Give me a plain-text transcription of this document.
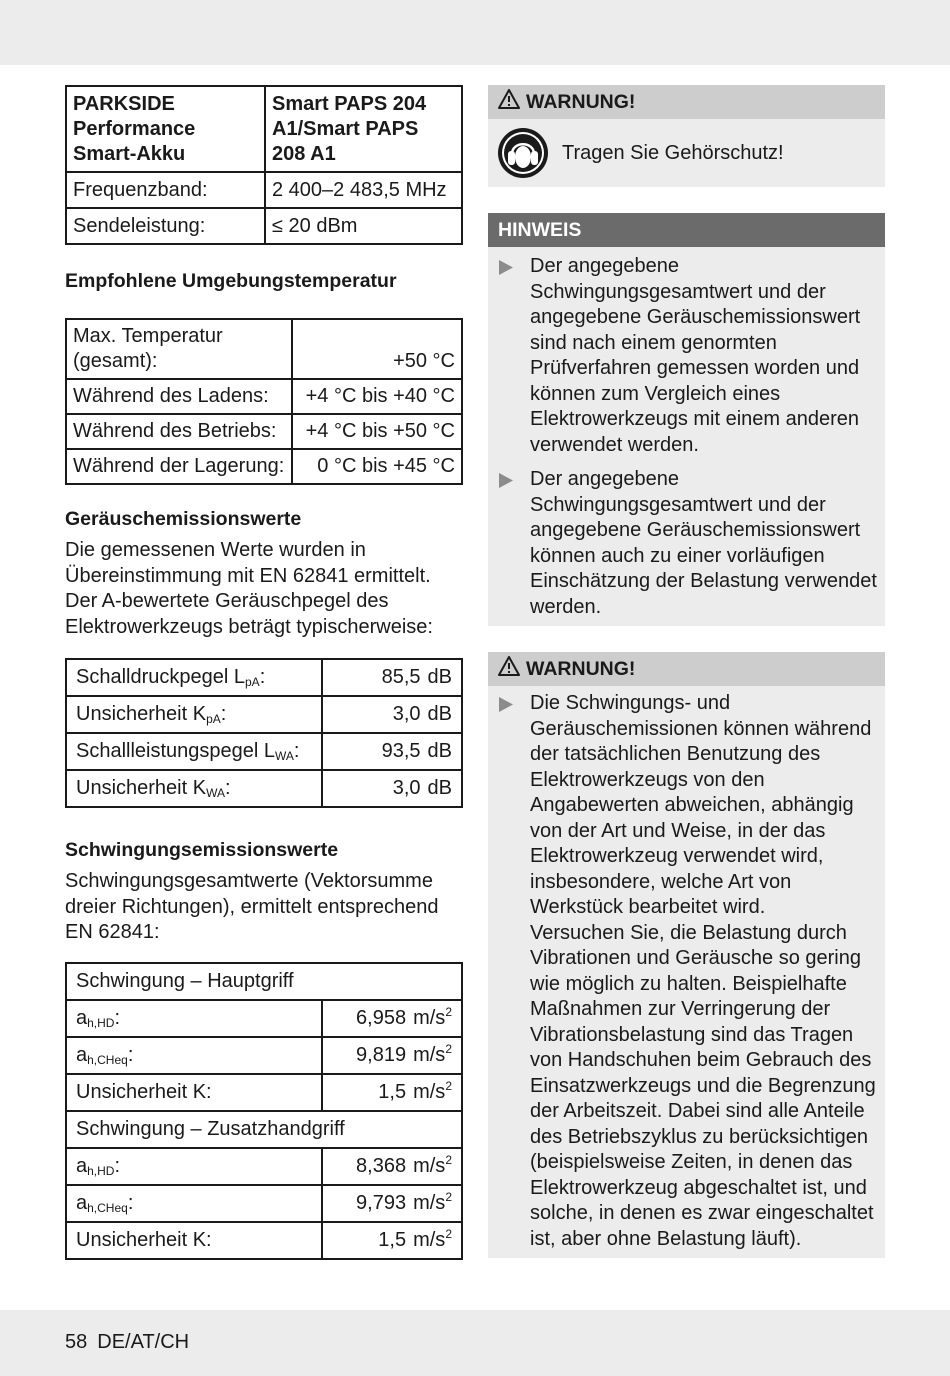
PARKSIDE Performance Smart-Akku	Smart PAPS 204 A1/Smart PAPS 208 A1
Frequenzband:	2 400–2 483,5 MHz
Sendeleistung:	≤ 20 dBm
Empfohlene Umgebungstemperatur
Max. Temperatur (gesamt):	+50 °C
Während des Ladens:	+4 °C bis +40 °C
Während des Betriebs:	+4 °C bis +50 °C
Während der Lagerung:	0 °C bis +45 °C
Geräuschemissionswerte
Die gemessenen Werte wurden in Übereinstimmung mit EN 62841 ermittelt. Der A-bewertete Geräuschpegel des Elektrowerkzeugs beträgt typischerweise:
Schalldruckpegel $L_{pA}$:	85,5 dB
Unsicherheit $K_{pA}$:	3,0 dB
Schallleistungspegel $L_{WA}$:	93,5 dB
Unsicherheit $K_{WA}$:	3,0 dB
Schwingungsemissionswerte
Schwingungsgesamtwerte (Vektorsumme dreier Richtungen), ermittelt entsprechend EN 62841:
Schwingung – Hauptgriff	
$a_{h,HD}$:	6,958 $m/s^2$
$a_{h,CHeq}$:	9,819 $m/s^2$
Unsicherheit K:	1,5 $m/s^2$
Schwingung – Zusatzhandgriff	
$a_{h,HD}$:	8,368 $m/s^2$
$a_{h,CHeq}$:	9,793 $m/s^2$
Unsicherheit K:	1,5 $m/s^2$
WARNUNG!
Tragen Sie Gehörschutz!
HINWEIS
Der angegebene Schwingungsgesamtwert und der angegebene Geräuschemissionswert sind nach einem genormten Prüfverfahren gemessen worden und können zum Vergleich eines Elektrowerkzeugs mit einem anderen verwendet werden.
Der angegebene Schwingungsgesamtwert und der angegebene Geräuschemissionswert können auch zu einer vorläufigen Einschätzung der Belastung verwendet werden.
WARNUNG!
Die Schwingungs- und Geräuschemissionen können während der tatsächlichen Benutzung des Elektrowerkzeugs von den Angabewerten abweichen, abhängig von der Art und Weise, in der das Elektrowerkzeug verwendet wird, insbesondere, welche Art von Werkstück bearbeitet wird.
Versuchen Sie, die Belastung durch Vibrationen und Geräusche so gering wie möglich zu halten. Beispielhafte Maßnahmen zur Verringerung der Vibrationsbelastung sind das Tragen von Handschuhen beim Gebrauch des Einsatzwerkzeugs und die Begrenzung der Arbeitszeit. Dabei sind alle Anteile des Betriebszyklus zu berücksichtigen (beispielsweise Zeiten, in denen das Elektrowerkzeug abgeschaltet ist, und solche, in denen es zwar eingeschaltet ist, aber ohne Belastung läuft).
58 DE/AT/CH
